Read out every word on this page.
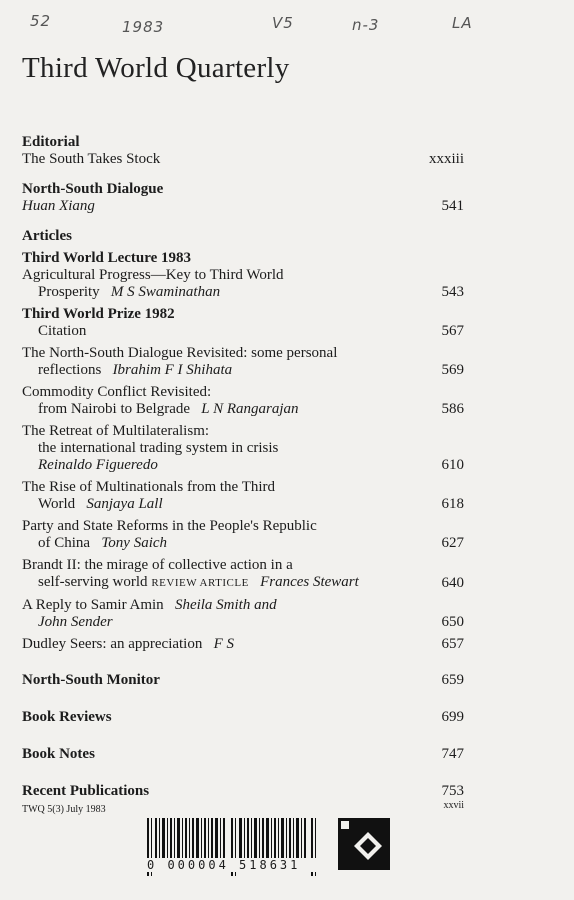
52	1983	V5	n-3	LA
Third World Quarterly
Editorial
The South Takes Stock	xxxiii
North-South Dialogue
Huan Xiang	541
Articles
Third World Lecture 1983
Agricultural Progress—Key to Third World
Prosperity M S Swaminathan	543
Third World Prize 1982
Citation	567
The North-South Dialogue Revisited: some personal
reflections Ibrahim F I Shihata	569
Commodity Conflict Revisited:
from Nairobi to Belgrade L N Rangarajan	586
The Retreat of Multilateralism:
the international trading system in crisis
Reinaldo Figueredo	610
The Rise of Multinationals from the Third
World Sanjaya Lall	618
Party and State Reforms in the People's Republic
of China Tony Saich	627
Brandt II: the mirage of collective action in a
self-serving world REVIEW ARTICLE Frances Stewart	640
A Reply to Samir Amin Sheila Smith and
John Sender	650
Dudley Seers: an appreciation F S	657
North-South Monitor	659
Book Reviews	699
Book Notes	747
Recent Publications	753
TWQ 5(3) July 1983	xxvii
0 000004 518631
